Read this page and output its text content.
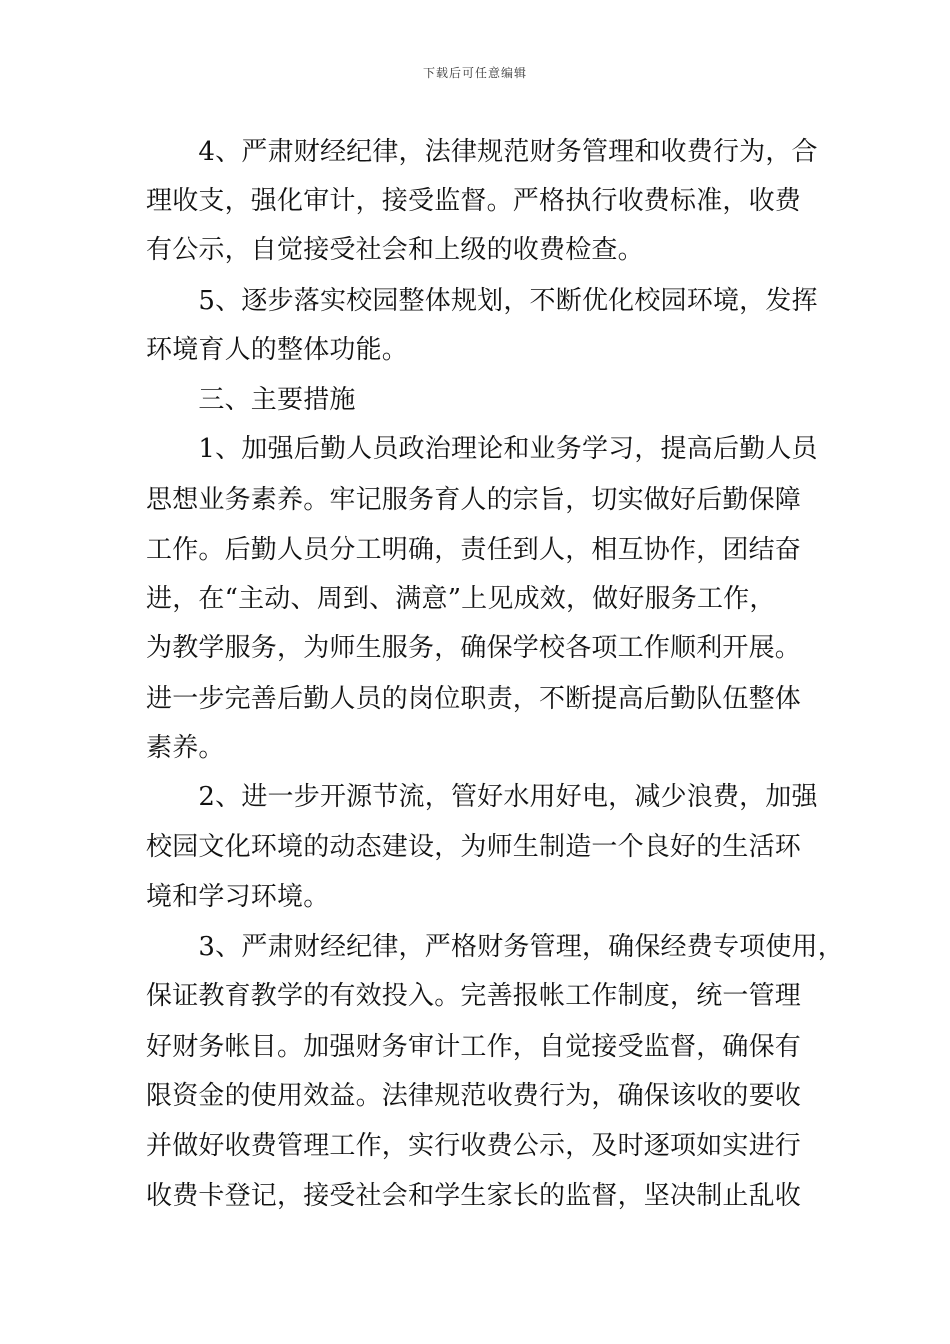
下载后可任意编辑
　　4、严肃财经纪律，法律规范财务管理和收费行为，合
理收支，强化审计，接受监督。严格执行收费标准，收费
有公示，自觉接受社会和上级的收费检查。
　　5、逐步落实校园整体规划，不断优化校园环境，发挥
环境育人的整体功能。
　　三、主要措施
　　1、加强后勤人员政治理论和业务学习，提高后勤人员
思想业务素养。牢记服务育人的宗旨，切实做好后勤保障
工作。后勤人员分工明确，责任到人，相互协作，团结奋
进，在“主动、周到、满意”上见成效，做好服务工作，
为教学服务，为师生服务，确保学校各项工作顺利开展。
进一步完善后勤人员的岗位职责，不断提高后勤队伍整体
素养。
　　2、进一步开源节流，管好水用好电，减少浪费，加强
校园文化环境的动态建设，为师生制造一个良好的生活环
境和学习环境。
　　3、严肃财经纪律，严格财务管理，确保经费专项使用，
保证教育教学的有效投入。完善报帐工作制度，统一管理
好财务帐目。加强财务审计工作，自觉接受监督，确保有
限资金的使用效益。法律规范收费行为，确保该收的要收
并做好收费管理工作，实行收费公示，及时逐项如实进行
收费卡登记，接受社会和学生家长的监督，坚决制止乱收
